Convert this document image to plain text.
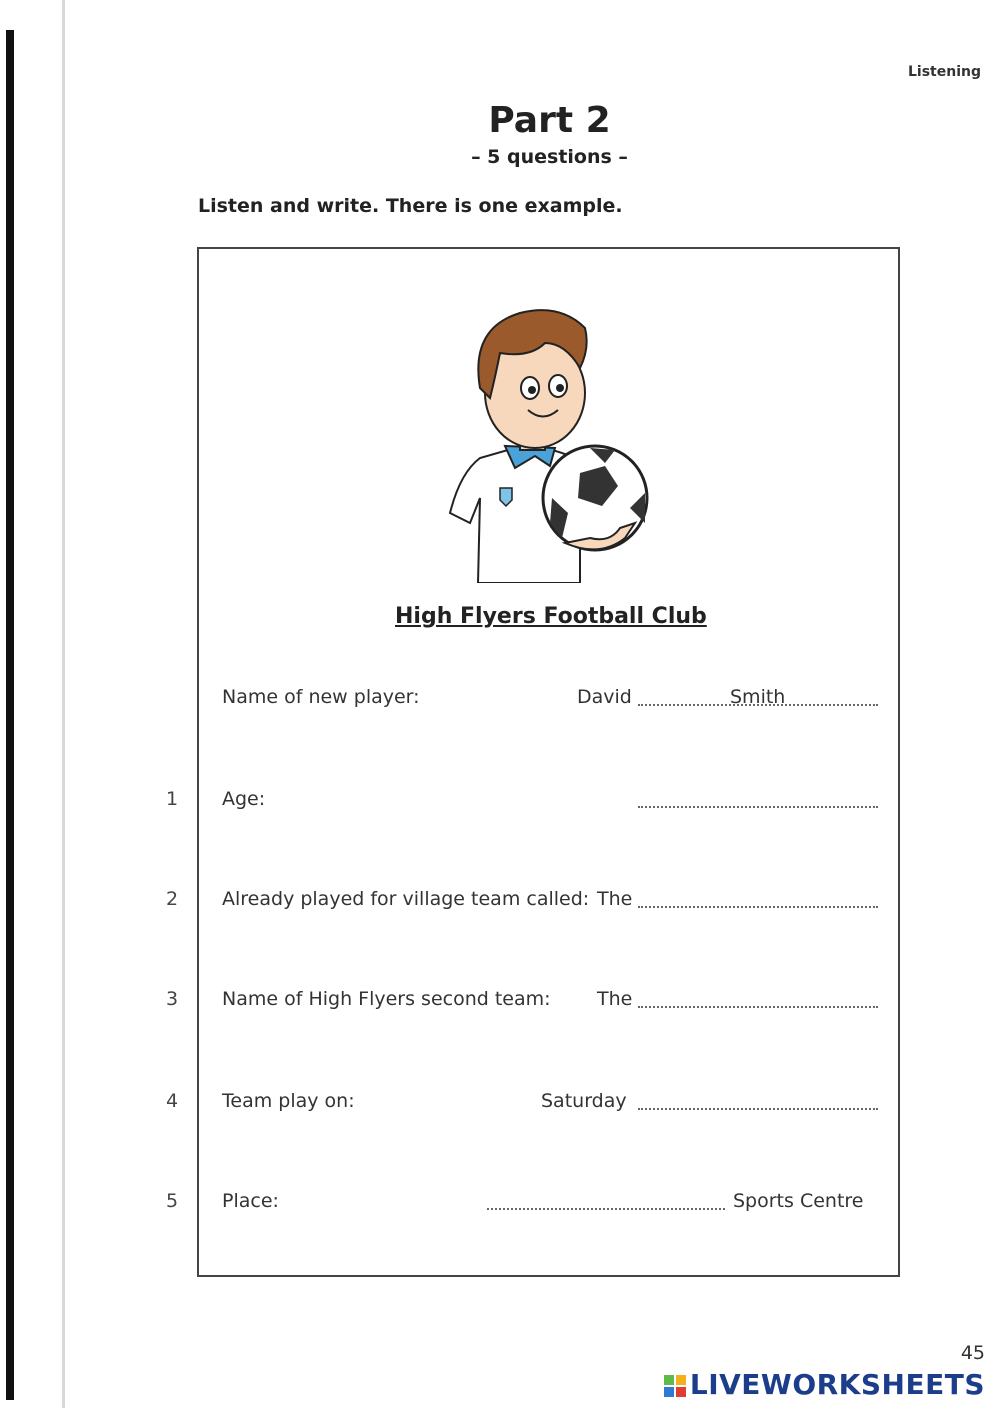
Listening
Part 2
– 5 questions –
Listen and write. There is one example.
High Flyers Football Club
Name of new player:	David	Smith
1 Age:
2 Already played for village team called: The
3 Name of High Flyers second team: The
4 Team play on:	Saturday
5 Place:	Sports Centre
45
LIVEWORKSHEETS
